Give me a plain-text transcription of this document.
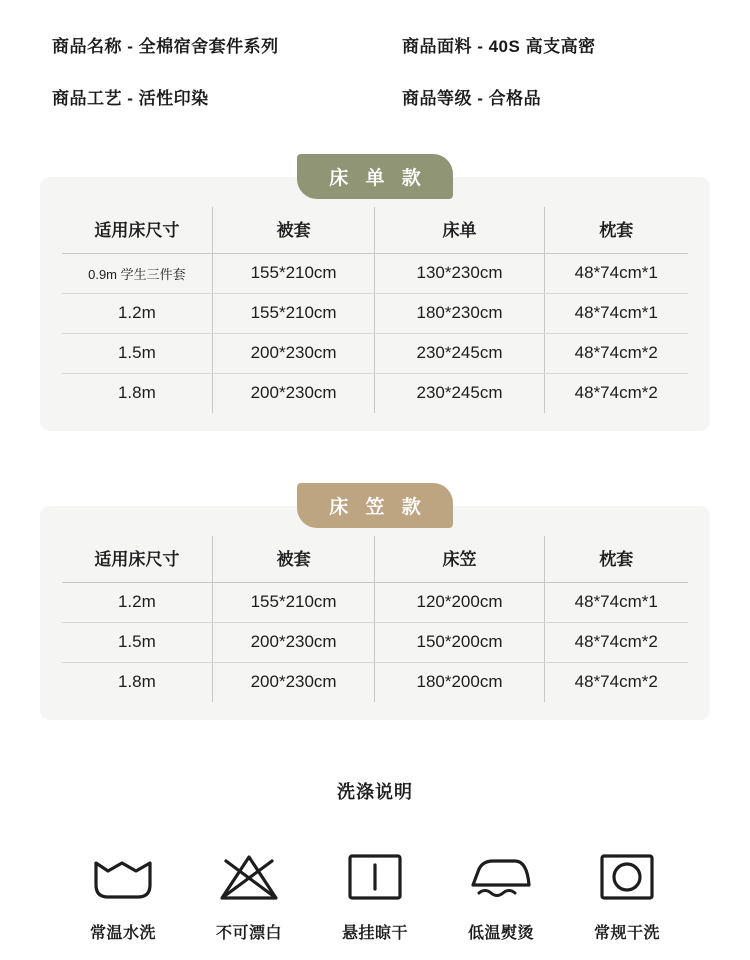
商品名称 - 全棉宿舍套件系列	商品面料 - 40S 高支高密
商品工艺 - 活性印染	商品等级 - 合格品
床 单 款
适用床尺寸	被套	床单	枕套
0.9m 学生三件套	155*210cm	130*230cm	48*74cm*1
1.2m	155*210cm	180*230cm	48*74cm*1
1.5m	200*230cm	230*245cm	48*74cm*2
1.8m	200*230cm	230*245cm	48*74cm*2
床 笠 款
适用床尺寸	被套	床笠	枕套
1.2m	155*210cm	120*200cm	48*74cm*1
1.5m	200*230cm	150*200cm	48*74cm*2
1.8m	200*230cm	180*200cm	48*74cm*2
洗涤说明
常温水洗	不可漂白	悬挂晾干	低温熨烫	常规干洗
